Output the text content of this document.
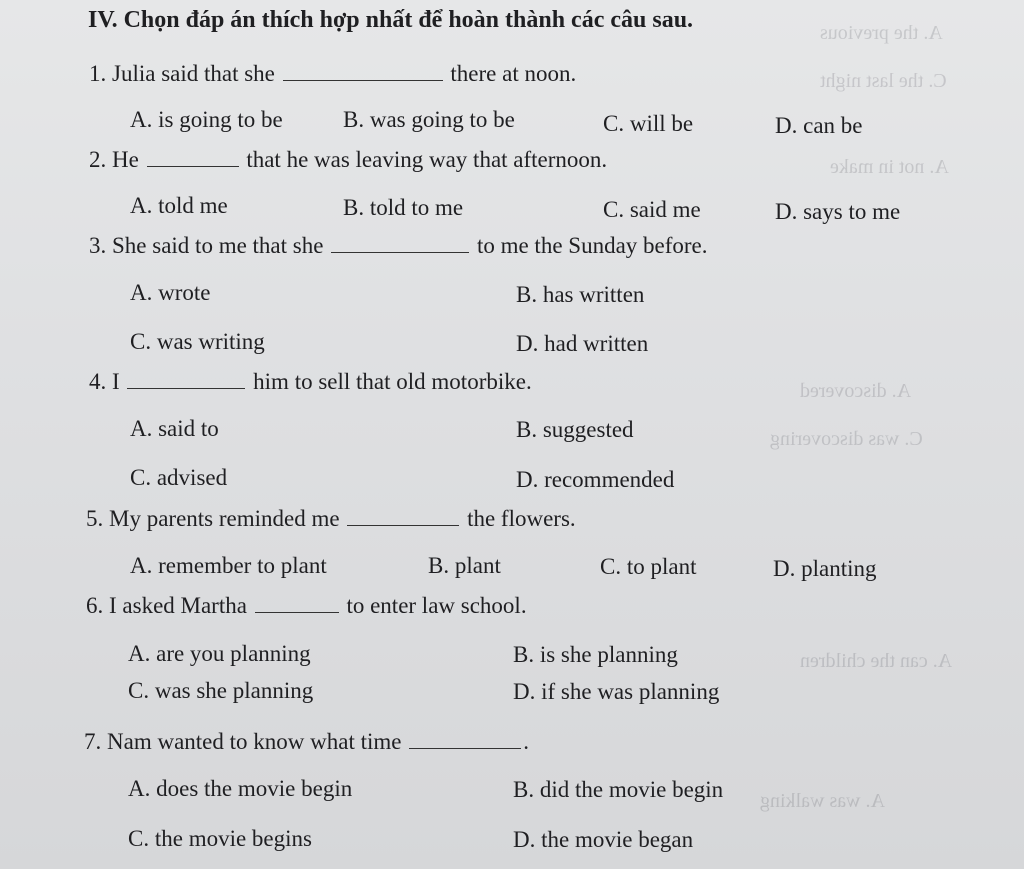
A. the previous
C. the last night
A. not in make
A. discovered
C. was discovering
A. can the children
A. was walking
IV. Chọn đáp án thích hợp nhất để hoàn thành các câu sau.
1. Julia said that she	there at noon.
A. is going to be	B. was going to be	C. will be	D. can be
2. He	that he was leaving way that afternoon.
A. told me	B. told to me	C. said me	D. says to me
3. She said to me that she	to me the Sunday before.
A. wrote	B. has written
C. was writing	D. had written
4. I	him to sell that old motorbike.
A. said to	B. suggested
C. advised	D. recommended
5. My parents reminded me	the flowers.
A. remember to plant	B. plant	C. to plant	D. planting
6. I asked Martha	to enter law school.
A. are you planning	B. is she planning
C. was she planning	D. if she was planning
7. Nam wanted to know what time	.
A. does the movie begin	B. did the movie begin
C. the movie begins	D. the movie began
